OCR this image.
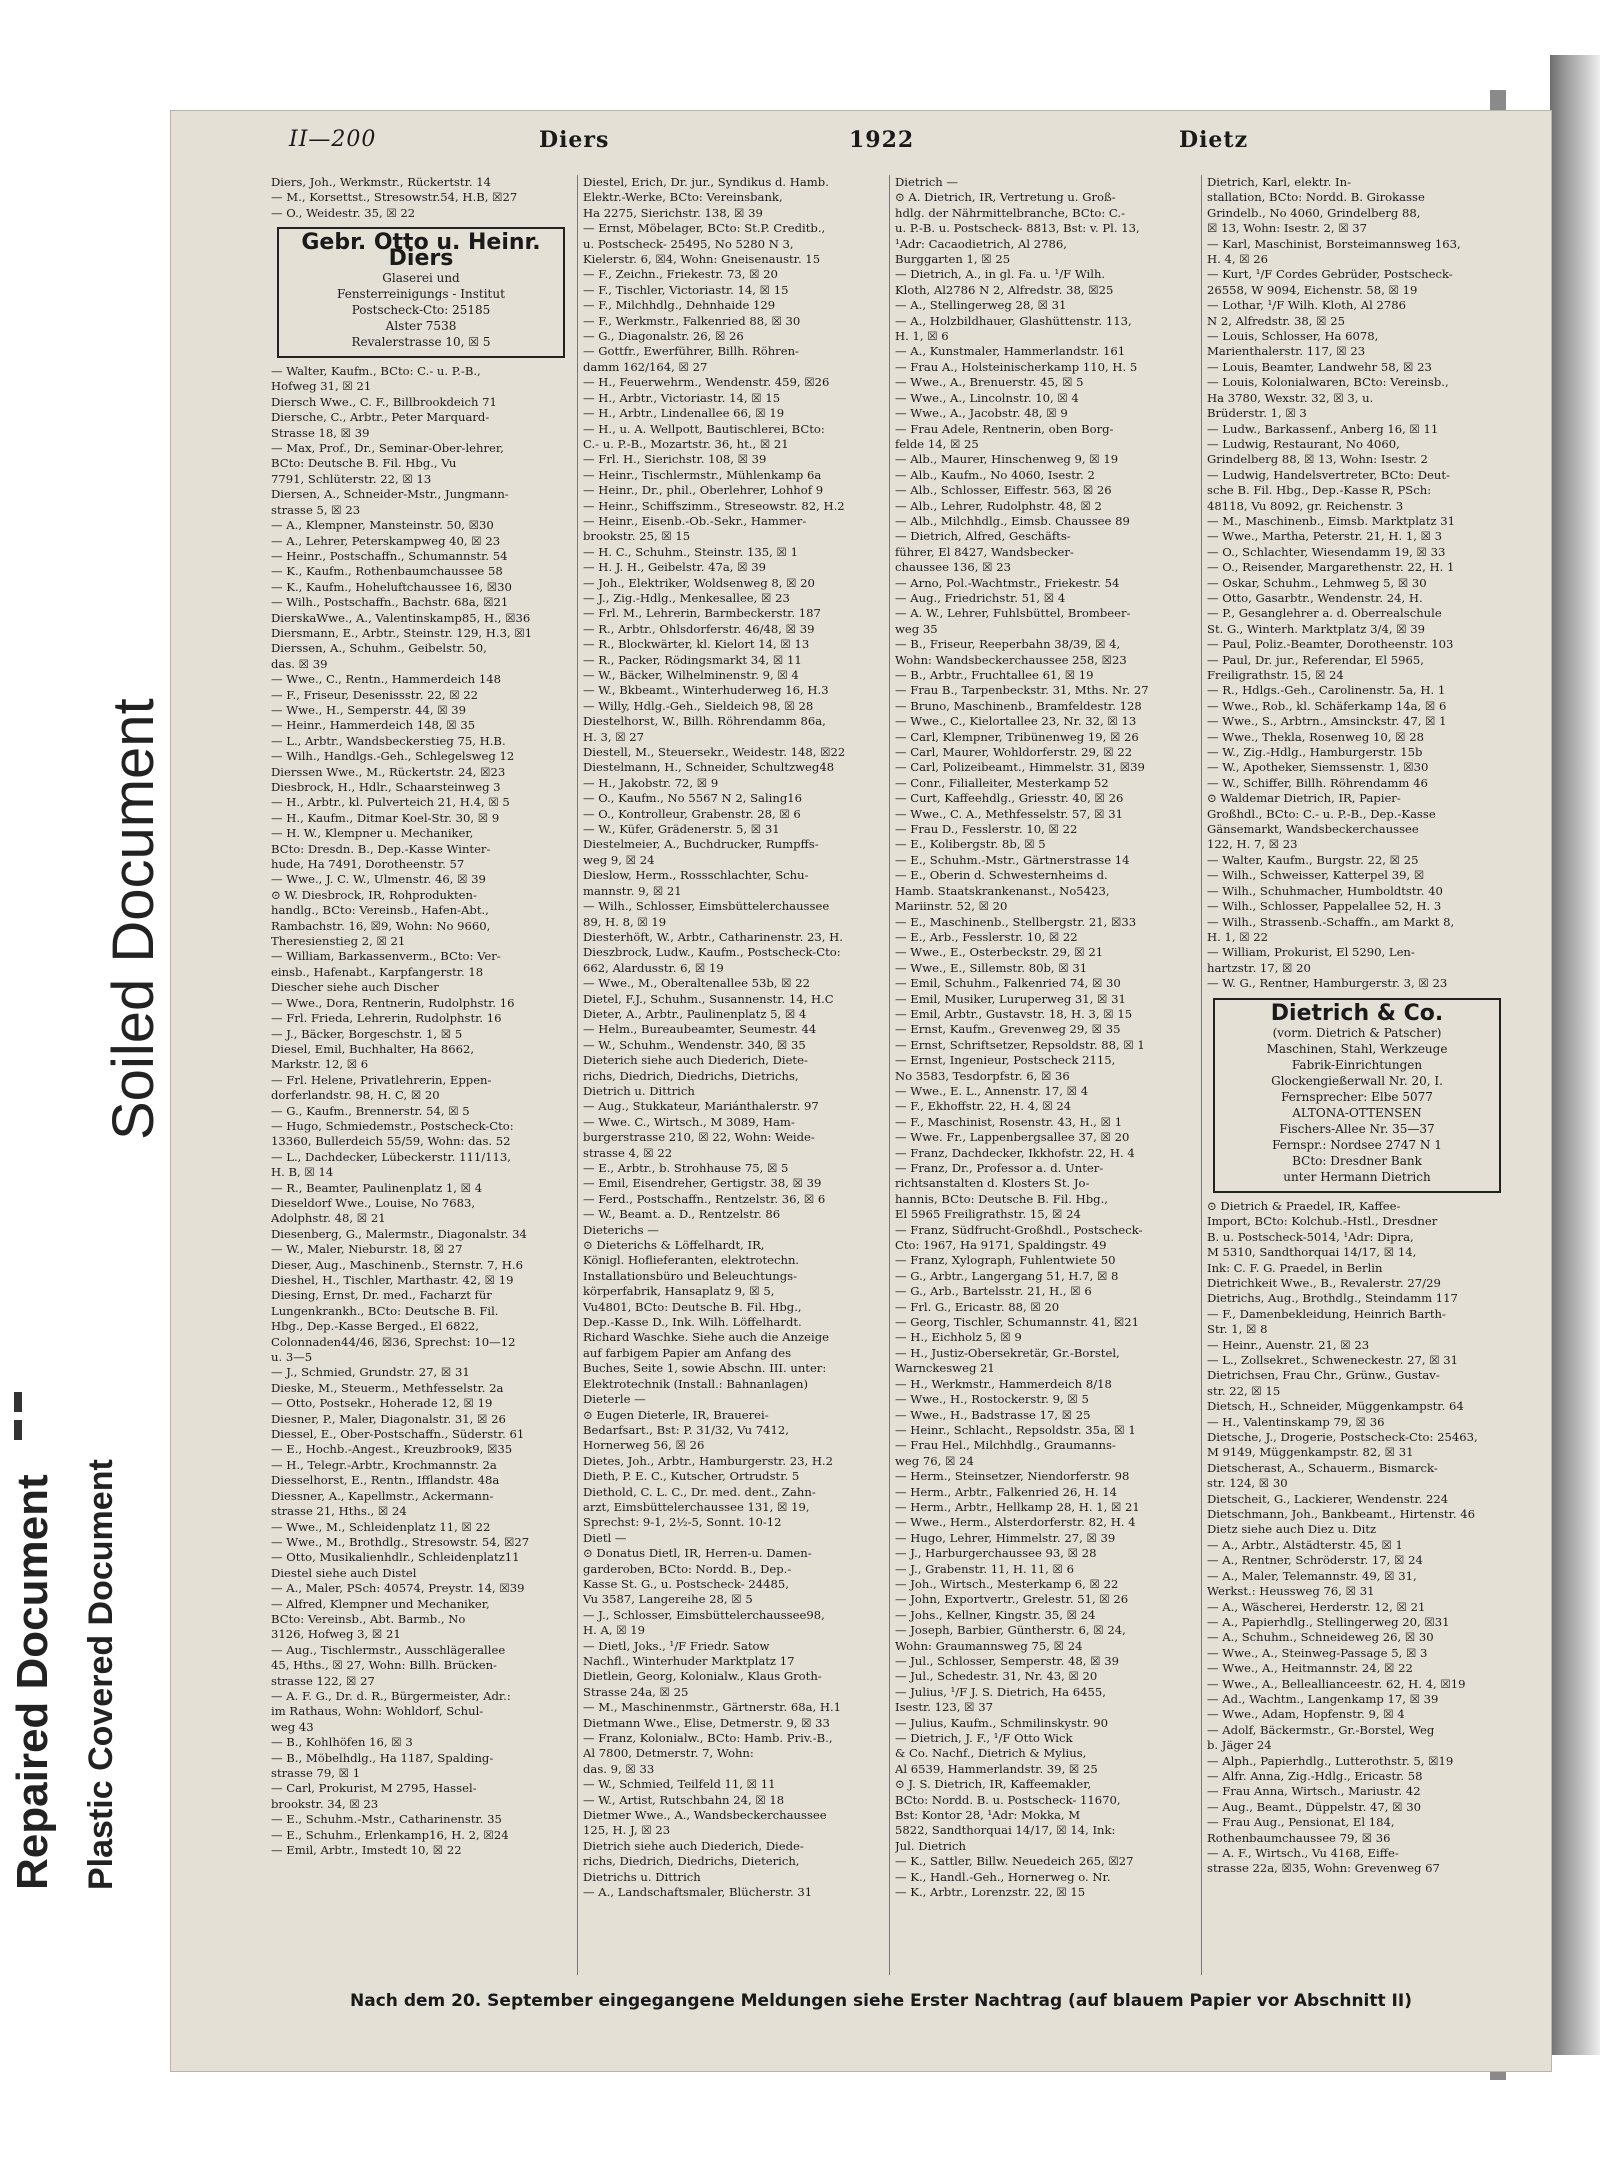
Soiled Document
Repaired Document Plastic Covered Document
II—200	Diers	1922	Dietz

Diers, Joh., Werkmstr., Rückertstr. 14

— M., Korsettst., Stresowstr.54, H.B, ☒27

— O., Weidestr. 35, ☒ 22

Gebr. Otto u. Heinr. Diers
Glaserei und
Fensterreinigungs - Institut
Postscheck-Cto: 25185
Alster 7538
Revalerstrasse 10, ☒ 5

— Walter, Kaufm., BCto: C.- u. P.-B.,

Hofweg 31, ☒ 21

Diersch Wwe., C. F., Billbrookdeich 71

Diersche, C., Arbtr., Peter Marquard-

Strasse 18, ☒ 39

— Max, Prof., Dr., Seminar-Ober-lehrer,

BCto: Deutsche B. Fil. Hbg., Vu

7791, Schlüterstr. 22, ☒ 13

Diersen, A., Schneider-Mstr., Jungmann-

strasse 5, ☒ 23

— A., Klempner, Mansteinstr. 50, ☒30

— A., Lehrer, Peterskampweg 40, ☒ 23

— Heinr., Postschaffn., Schumannstr. 54

— K., Kaufm., Rothenbaumchaussee 58

— K., Kaufm., Hoheluftchaussee 16, ☒30

— Wilh., Postschaffn., Bachstr. 68a, ☒21

DierskaWwe., A., Valentinskamp85, H., ☒36

Diersmann, E., Arbtr., Steinstr. 129, H.3, ☒1

Dierssen, A., Schuhm., Geibelstr. 50,

das. ☒ 39

— Wwe., C., Rentn., Hammerdeich 148

— F., Friseur, Desenissstr. 22, ☒ 22

— Wwe., H., Semperstr. 44, ☒ 39

— Heinr., Hammerdeich 148, ☒ 35

— L., Arbtr., Wandsbeckerstieg 75, H.B.

— Wilh., Handlgs.-Geh., Schlegelsweg 12

Dierssen Wwe., M., Rückertstr. 24, ☒23

Diesbrock, H., Hdlr., Schaarsteinweg 3

— H., Arbtr., kl. Pulverteich 21, H.4, ☒ 5

— H., Kaufm., Ditmar Koel-Str. 30, ☒ 9

— H. W., Klempner u. Mechaniker,

BCto: Dresdn. B., Dep.-Kasse Winter-

hude, Ha 7491, Dorotheenstr. 57

— Wwe., J. C. W., Ulmenstr. 46, ☒ 39

⊙ W. Diesbrock, IR, Rohprodukten-

handlg., BCto: Vereinsb., Hafen-Abt.,

Rambachstr. 16, ☒9, Wohn: No 9660,

Theresienstieg 2, ☒ 21

— William, Barkassenverm., BCto: Ver-

einsb., Hafenabt., Karpfangerstr. 18

Diescher siehe auch Discher

— Wwe., Dora, Rentnerin, Rudolphstr. 16

— Frl. Frieda, Lehrerin, Rudolphstr. 16

— J., Bäcker, Borgeschstr. 1, ☒ 5

Diesel, Emil, Buchhalter, Ha 8662,

Markstr. 12, ☒ 6

— Frl. Helene, Privatlehrerin, Eppen-

dorferlandstr. 98, H. C, ☒ 20

— G., Kaufm., Brennerstr. 54, ☒ 5

— Hugo, Schmiedemstr., Postscheck-Cto:

13360, Bullerdeich 55/59, Wohn: das. 52

— L., Dachdecker, Lübeckerstr. 111/113,

H. B, ☒ 14

— R., Beamter, Paulinenplatz 1, ☒ 4

Dieseldorf Wwe., Louise, No 7683,

Adolphstr. 48, ☒ 21

Diesenberg, G., Malermstr., Diagonalstr. 34

— W., Maler, Nieburstr. 18, ☒ 27

Dieser, Aug., Maschinenb., Sternstr. 7, H.6

Dieshel, H., Tischler, Marthastr. 42, ☒ 19

Diesing, Ernst, Dr. med., Facharzt für

Lungenkrankh., BCto: Deutsche B. Fil.

Hbg., Dep.-Kasse Berged., El 6822,

Colonnaden44/46, ☒36, Sprechst: 10—12

u. 3—5

— J., Schmied, Grundstr. 27, ☒ 31

Dieske, M., Steuerm., Methfesselstr. 2a

— Otto, Postsekr., Hoherade 12, ☒ 19

Diesner, P., Maler, Diagonalstr. 31, ☒ 26

Diessel, E., Ober-Postschaffn., Süderstr. 61

— E., Hochb.-Angest., Kreuzbrook9, ☒35

— H., Telegr.-Arbtr., Krochmannstr. 2a

Diesselhorst, E., Rentn., Ifflandstr. 48a

Diessner, A., Kapellmstr., Ackermann-

strasse 21, Hths., ☒ 24

— Wwe., M., Schleidenplatz 11, ☒ 22

— Wwe., M., Brothdlg., Stresowstr. 54, ☒27

— Otto, Musikalienhdlr., Schleidenplatz11

Diestel siehe auch Distel

— A., Maler, PSch: 40574, Preystr. 14, ☒39

— Alfred, Klempner und Mechaniker,

BCto: Vereinsb., Abt. Barmb., No

3126, Hofweg 3, ☒ 21

— Aug., Tischlermstr., Ausschlägerallee

45, Hths., ☒ 27, Wohn: Billh. Brücken-

strasse 122, ☒ 27

— A. F. G., Dr. d. R., Bürgermeister, Adr.:

im Rathaus, Wohn: Wohldorf, Schul-

weg 43

— B., Kohlhöfen 16, ☒ 3

— B., Möbelhdlg., Ha 1187, Spalding-

strasse 79, ☒ 1

— Carl, Prokurist, M 2795, Hassel-

brookstr. 34, ☒ 23

— E., Schuhm.-Mstr., Catharinenstr. 35

— E., Schuhm., Erlenkamp16, H. 2, ☒24

— Emil, Arbtr., Imstedt 10, ☒ 22

Diestel, Erich, Dr. jur., Syndikus d. Hamb.

Elektr.-Werke, BCto: Vereinsbank,

Ha 2275, Sierichstr. 138, ☒ 39

— Ernst, Möbelager, BCto: St.P. Creditb.,

u. Postscheck- 25495, No 5280 N 3,

Kielerstr. 6, ☒4, Wohn: Gneisenaustr. 15

— F., Zeichn., Friekestr. 73, ☒ 20

— F., Tischler, Victoriastr. 14, ☒ 15

— F., Milchhdlg., Dehnhaide 129

— F., Werkmstr., Falkenried 88, ☒ 30

— G., Diagonalstr. 26, ☒ 26

— Gottfr., Ewerführer, Billh. Röhren-

damm 162/164, ☒ 27

— H., Feuerwehrm., Wendenstr. 459, ☒26

— H., Arbtr., Victoriastr. 14, ☒ 15

— H., Arbtr., Lindenallee 66, ☒ 19

— H., u. A. Wellpott, Bautischlerei, BCto:

C.- u. P.-B., Mozartstr. 36, ht., ☒ 21

— Frl. H., Sierichstr. 108, ☒ 39

— Heinr., Tischlermstr., Mühlenkamp 6a

— Heinr., Dr., phil., Oberlehrer, Lohhof 9

— Heinr., Schiffszimm., Streseowstr. 82, H.2

— Heinr., Eisenb.-Ob.-Sekr., Hammer-

brookstr. 25, ☒ 15

— H. C., Schuhm., Steinstr. 135, ☒ 1

— H. J. H., Geibelstr. 47a, ☒ 39

— Joh., Elektriker, Woldsenweg 8, ☒ 20

— J., Zig.-Hdlg., Menkesallee, ☒ 23

— Frl. M., Lehrerin, Barmbeckerstr. 187

— R., Arbtr., Ohlsdorferstr. 46/48, ☒ 39

— R., Blockwärter, kl. Kielort 14, ☒ 13

— R., Packer, Rödingsmarkt 34, ☒ 11

— W., Bäcker, Wilhelminenstr. 9, ☒ 4

— W., Bkbeamt., Winterhuderweg 16, H.3

— Willy, Hdlg.-Geh., Sieldeich 98, ☒ 28

Diestelhorst, W., Billh. Röhrendamm 86a,

H. 3, ☒ 27

Diestell, M., Steuersekr., Weidestr. 148, ☒22

Diestelmann, H., Schneider, Schultzweg48

— H., Jakobstr. 72, ☒ 9

— O., Kaufm., No 5567 N 2, Saling16

— O., Kontrolleur, Grabenstr. 28, ☒ 6

— W., Küfer, Grädenerstr. 5, ☒ 31

Diestelmeier, A., Buchdrucker, Rumpffs-

weg 9, ☒ 24

Dieslow, Herm., Rossschlachter, Schu-

mannstr. 9, ☒ 21

— Wilh., Schlosser, Eimsbüttelerchaussee

89, H. 8, ☒ 19

Diesterhöft, W., Arbtr., Catharinenstr. 23, H.

Dieszbrock, Ludw., Kaufm., Postscheck-Cto:

662, Alardusstr. 6, ☒ 19

— Wwe., M., Oberaltenallee 53b, ☒ 22

Dietel, F.J., Schuhm., Susannenstr. 14, H.C

Dieter, A., Arbtr., Paulinenplatz 5, ☒ 4

— Helm., Bureaubeamter, Seumestr. 44

— W., Schuhm., Wendenstr. 340, ☒ 35

Dieterich siehe auch Diederich, Diete-

richs, Diedrich, Diedrichs, Dietrichs,

Dietrich u. Dittrich

— Aug., Stukkateur, Mariánthalerstr. 97

— Wwe. C., Wirtsch., M 3089, Ham-

burgerstrasse 210, ☒ 22, Wohn: Weide-

strasse 4, ☒ 22

— E., Arbtr., b. Strohhause 75, ☒ 5

— Emil, Eisendreher, Gertigstr. 38, ☒ 39

— Ferd., Postschaffn., Rentzelstr. 36, ☒ 6

— W., Beamt. a. D., Rentzelstr. 86

Dieterichs —

⊙ Dieterichs & Löffelhardt, IR,

Königl. Hoflieferanten, elektrotechn.

Installationsbüro und Beleuchtungs-

körperfabrik, Hansaplatz 9, ☒ 5,

Vu4801, BCto: Deutsche B. Fil. Hbg.,

Dep.-Kasse D., Ink. Wilh. Löffelhardt.

Richard Waschke. Siehe auch die Anzeige

auf farbigem Papier am Anfang des

Buches, Seite 1, sowie Abschn. III. unter:

Elektrotechnik (Install.: Bahnanlagen)

Dieterle —

⊙ Eugen Dieterle, IR, Brauerei-

Bedarfsart., Bst: P. 31/32, Vu 7412,

Hornerweg 56, ☒ 26

Dietes, Joh., Arbtr., Hamburgerstr. 23, H.2

Dieth, P. E. C., Kutscher, Ortrudstr. 5

Diethold, C. L. C., Dr. med. dent., Zahn-

arzt, Eimsbüttelerchaussee 131, ☒ 19,

Sprechst: 9-1, 2½-5, Sonnt. 10-12

Dietl —

⊙ Donatus Dietl, IR, Herren-u. Damen-

garderoben, BCto: Nordd. B., Dep.-

Kasse St. G., u. Postscheck- 24485,

Vu 3587, Langereihe 28, ☒ 5

— J., Schlosser, Eimsbüttelerchaussee98,

H. A, ☒ 19

— Dietl, Joks., ¹/F Friedr. Satow

Nachfl., Winterhuder Marktplatz 17

Dietlein, Georg, Kolonialw., Klaus Groth-

Strasse 24a, ☒ 25

— M., Maschinenmstr., Gärtnerstr. 68a, H.1

Dietmann Wwe., Elise, Detmerstr. 9, ☒ 33

— Franz, Kolonialw., BCto: Hamb. Priv.-B.,

Al 7800, Detmerstr. 7, Wohn:

das. 9, ☒ 33

— W., Schmied, Teilfeld 11, ☒ 11

— W., Artist, Rutschbahn 24, ☒ 18

Dietmer Wwe., A., Wandsbeckerchaussee

125, H. J, ☒ 23

Dietrich siehe auch Diederich, Diede-

richs, Diedrich, Diedrichs, Dieterich,

Dietrichs u. Dittrich

— A., Landschaftsmaler, Blücherstr. 31

Dietrich —

⊙ A. Dietrich, IR, Vertretung u. Groß-

hdlg. der Nährmittelbranche, BCto: C.-

u. P.-B. u. Postscheck- 8813, Bst: v. Pl. 13,

¹Adr: Cacaodietrich, Al 2786,

Burggarten 1, ☒ 25

— Dietrich, A., in gl. Fa. u. ¹/F Wilh.

Kloth, Al2786 N 2, Alfredstr. 38, ☒25

— A., Stellingerweg 28, ☒ 31

— A., Holzbildhauer, Glashüttenstr. 113,

H. 1, ☒ 6

— A., Kunstmaler, Hammerlandstr. 161

— Frau A., Holsteinischerkamp 110, H. 5

— Wwe., A., Brenuerstr. 45, ☒ 5

— Wwe., A., Lincolnstr. 10, ☒ 4

— Wwe., A., Jacobstr. 48, ☒ 9

— Frau Adele, Rentnerin, oben Borg-

felde 14, ☒ 25

— Alb., Maurer, Hinschenweg 9, ☒ 19

— Alb., Kaufm., No 4060, Isestr. 2

— Alb., Schlosser, Eiffestr. 563, ☒ 26

— Alb., Lehrer, Rudolphstr. 48, ☒ 2

— Alb., Milchhdlg., Eimsb. Chaussee 89

— Dietrich, Alfred, Geschäfts-

führer, El 8427, Wandsbecker-

chaussee 136, ☒ 23

— Arno, Pol.-Wachtmstr., Friekestr. 54

— Aug., Friedrichstr. 51, ☒ 4

— A. W., Lehrer, Fuhlsbüttel, Brombeer-

weg 35

— B., Friseur, Reeperbahn 38/39, ☒ 4,

Wohn: Wandsbeckerchaussee 258, ☒23

— B., Arbtr., Fruchtallee 61, ☒ 19

— Frau B., Tarpenbeckstr. 31, Mths. Nr. 27

— Bruno, Maschinenb., Bramfeldestr. 128

— Wwe., C., Kielortallee 23, Nr. 32, ☒ 13

— Carl, Klempner, Tribünenweg 19, ☒ 26

— Carl, Maurer, Wohldorferstr. 29, ☒ 22

— Carl, Polizeibeamt., Himmelstr. 31, ☒39

— Conr., Filialleiter, Mesterkamp 52

— Curt, Kaffeehdlg., Griesstr. 40, ☒ 26

— Wwe., C. A., Methfesselstr. 57, ☒ 31

— Frau D., Fesslerstr. 10, ☒ 22

— E., Kolibergstr. 8b, ☒ 5

— E., Schuhm.-Mstr., Gärtnerstrasse 14

— E., Oberin d. Schwesternheims d.

Hamb. Staatskrankenanst., No5423,

Mariinstr. 52, ☒ 20

— E., Maschinenb., Stellbergstr. 21, ☒33

— E., Arb., Fesslerstr. 10, ☒ 22

— Wwe., E., Osterbeckstr. 29, ☒ 21

— Wwe., E., Sillemstr. 80b, ☒ 31

— Emil, Schuhm., Falkenried 74, ☒ 30

— Emil, Musiker, Luruperweg 31, ☒ 31

— Emil, Arbtr., Gustavstr. 18, H. 3, ☒ 15

— Ernst, Kaufm., Grevenweg 29, ☒ 35

— Ernst, Schriftsetzer, Repsoldstr. 88, ☒ 1

— Ernst, Ingenieur, Postscheck 2115,

No 3583, Tesdorpfstr. 6, ☒ 36

— Wwe., E. L., Annenstr. 17, ☒ 4

— F., Ekhoffstr. 22, H. 4, ☒ 24

— F., Maschinist, Rosenstr. 43, H., ☒ 1

— Wwe. Fr., Lappenbergsallee 37, ☒ 20

— Franz, Dachdecker, Ikkhofstr. 22, H. 4

— Franz, Dr., Professor a. d. Unter-

richtsanstalten d. Klosters St. Jo-

hannis, BCto: Deutsche B. Fil. Hbg.,

El 5965 Freiligrathstr. 15, ☒ 24

— Franz, Südfrucht-Großhdl., Postscheck-

Cto: 1967, Ha 9171, Spaldingstr. 49

— Franz, Xylograph, Fuhlentwiete 50

— G., Arbtr., Langergang 51, H.7, ☒ 8

— G., Arb., Bartelsstr. 21, H., ☒ 6

— Frl. G., Ericastr. 88, ☒ 20

— Georg, Tischler, Schumannstr. 41, ☒21

— H., Eichholz 5, ☒ 9

— H., Justiz-Obersekretär, Gr.-Borstel,

Warnckesweg 21

— H., Werkmstr., Hammerdeich 8/18

— Wwe., H., Rostockerstr. 9, ☒ 5

— Wwe., H., Badstrasse 17, ☒ 25

— Heinr., Schlacht., Repsoldstr. 35a, ☒ 1

— Frau Hel., Milchhdlg., Graumanns-

weg 76, ☒ 24

— Herm., Steinsetzer, Niendorferstr. 98

— Herm., Arbtr., Falkenried 26, H. 14

— Herm., Arbtr., Hellkamp 28, H. 1, ☒ 21

— Wwe., Herm., Alsterdorferstr. 82, H. 4

— Hugo, Lehrer, Himmelstr. 27, ☒ 39

— J., Harburgerchaussee 93, ☒ 28

— J., Grabenstr. 11, H. 11, ☒ 6

— Joh., Wirtsch., Mesterkamp 6, ☒ 22

— John, Exportvertr., Grelestr. 51, ☒ 26

— Johs., Kellner, Kingstr. 35, ☒ 24

— Joseph, Barbier, Güntherstr. 6, ☒ 24,

Wohn: Graumannsweg 75, ☒ 24

— Jul., Schlosser, Semperstr. 48, ☒ 39

— Jul., Schedestr. 31, Nr. 43, ☒ 20

— Julius, ¹/F J. S. Dietrich, Ha 6455,

Isestr. 123, ☒ 37

— Julius, Kaufm., Schmilinskystr. 90

— Dietrich, J. F., ¹/F Otto Wick

& Co. Nachf., Dietrich & Mylius,

Al 6539, Hammerlandstr. 39, ☒ 25

⊙ J. S. Dietrich, IR, Kaffeemakler,

BCto: Nordd. B. u. Postscheck- 11670,

Bst: Kontor 28, ¹Adr: Mokka, M

5822, Sandthorquai 14/17, ☒ 14, Ink:

Jul. Dietrich

— K., Sattler, Billw. Neuedeich 265, ☒27

— K., Handl.-Geh., Hornerweg o. Nr.

— K., Arbtr., Lorenzstr. 22, ☒ 15

Dietrich, Karl, elektr. In-

stallation, BCto: Nordd. B. Girokasse

Grindelb., No 4060, Grindelberg 88,

☒ 13, Wohn: Isestr. 2, ☒ 37

— Karl, Maschinist, Borsteimannsweg 163,

H. 4, ☒ 26

— Kurt, ¹/F Cordes Gebrüder, Postscheck-

26558, W 9094, Eichenstr. 58, ☒ 19

— Lothar, ¹/F Wilh. Kloth, Al 2786

N 2, Alfredstr. 38, ☒ 25

— Louis, Schlosser, Ha 6078,

Marienthalerstr. 117, ☒ 23

— Louis, Beamter, Landwehr 58, ☒ 23

— Louis, Kolonialwaren, BCto: Vereinsb.,

Ha 3780, Wexstr. 32, ☒ 3, u.

Brüderstr. 1, ☒ 3

— Ludw., Barkassenf., Anberg 16, ☒ 11

— Ludwig, Restaurant, No 4060,

Grindelberg 88, ☒ 13, Wohn: Isestr. 2

— Ludwig, Handelsvertreter, BCto: Deut-

sche B. Fil. Hbg., Dep.-Kasse R, PSch:

48118, Vu 8092, gr. Reichenstr. 3

— M., Maschinenb., Eimsb. Marktplatz 31

— Wwe., Martha, Peterstr. 21, H. 1, ☒ 3

— O., Schlachter, Wiesendamm 19, ☒ 33

— O., Reisender, Margarethenstr. 22, H. 1

— Oskar, Schuhm., Lehmweg 5, ☒ 30

— Otto, Gasarbtr., Wendenstr. 24, H.

— P., Gesanglehrer a. d. Oberrealschule

St. G., Winterh. Marktplatz 3/4, ☒ 39

— Paul, Poliz.-Beamter, Dorotheenstr. 103

— Paul, Dr. jur., Referendar, El 5965,

Freiligrathstr. 15, ☒ 24

— R., Hdlgs.-Geh., Carolinenstr. 5a, H. 1

— Wwe., Rob., kl. Schäferkamp 14a, ☒ 6

— Wwe., S., Arbtrn., Amsinckstr. 47, ☒ 1

— Wwe., Thekla, Rosenweg 10, ☒ 28

— W., Zig.-Hdlg., Hamburgerstr. 15b

— W., Apotheker, Siemssenstr. 1, ☒30

— W., Schiffer, Billh. Röhrendamm 46

⊙ Waldemar Dietrich, IR, Papier-

Großhdl., BCto: C.- u. P.-B., Dep.-Kasse

Gänsemarkt, Wandsbeckerchaussee

122, H. 7, ☒ 23

— Walter, Kaufm., Burgstr. 22, ☒ 25

— Wilh., Schweisser, Katterpel 39, ☒

— Wilh., Schuhmacher, Humboldtstr. 40

— Wilh., Schlosser, Pappelallee 52, H. 3

— Wilh., Strassenb.-Schaffn., am Markt 8,

H. 1, ☒ 22

— William, Prokurist, El 5290, Len-

hartzstr. 17, ☒ 20

— W. G., Rentner, Hamburgerstr. 3, ☒ 23

Dietrich & Co.
(vorm. Dietrich & Patscher)
Maschinen, Stahl, Werkzeuge
Fabrik-Einrichtungen
Glockengießerwall Nr. 20, I.
Fernsprecher: Elbe 5077
ALTONA-OTTENSEN
Fischers-Allee Nr. 35—37
Fernspr.: Nordsee 2747 N 1
BCto: Dresdner Bank
unter Hermann Dietrich

⊙ Dietrich & Praedel, IR, Kaffee-

Import, BCto: Kolchub.-Hstl., Dresdner

B. u. Postscheck-5014, ¹Adr: Dipra,

M 5310, Sandthorquai 14/17, ☒ 14,

Ink: C. F. G. Praedel, in Berlin

Dietrichkeit Wwe., B., Revalerstr. 27/29

Dietrichs, Aug., Brothdlg., Steindamm 117

— F., Damenbekleidung, Heinrich Barth-

Str. 1, ☒ 8

— Heinr., Auenstr. 21, ☒ 23

— L., Zollsekret., Schweneckestr. 27, ☒ 31

Dietrichsen, Frau Chr., Grünw., Gustav-

str. 22, ☒ 15

Dietsch, H., Schneider, Müggenkampstr. 64

— H., Valentinskamp 79, ☒ 36

Dietsche, J., Drogerie, Postscheck-Cto: 25463,

M 9149, Müggenkampstr. 82, ☒ 31

Dietscherast, A., Schauerm., Bismarck-

str. 124, ☒ 30

Dietscheit, G., Lackierer, Wendenstr. 224

Dietschmann, Joh., Bankbeamt., Hirtenstr. 46

Dietz siehe auch Diez u. Ditz

— A., Arbtr., Alstädterstr. 45, ☒ 1

— A., Rentner, Schröderstr. 17, ☒ 24

— A., Maler, Telemannstr. 49, ☒ 31,

Werkst.: Heussweg 76, ☒ 31

— A., Wäscherei, Herderstr. 12, ☒ 21

— A., Papierhdlg., Stellingerweg 20, ☒31

— A., Schuhm., Schneideweg 26, ☒ 30

— Wwe., A., Steinweg-Passage 5, ☒ 3

— Wwe., A., Heitmannstr. 24, ☒ 22

— Wwe., A., Belleallianceestr. 62, H. 4, ☒19

— Ad., Wachtm., Langenkamp 17, ☒ 39

— Wwe., Adam, Hopfenstr. 9, ☒ 4

— Adolf, Bäckermstr., Gr.-Borstel, Weg

b. Jäger 24

— Alph., Papierhdlg., Lutterothstr. 5, ☒19

— Alfr. Anna, Zig.-Hdlg., Ericastr. 58

— Frau Anna, Wirtsch., Mariustr. 42

— Aug., Beamt., Düppelstr. 47, ☒ 30

— Frau Aug., Pensionat, El 184,

Rothenbaumchaussee 79, ☒ 36

— A. F., Wirtsch., Vu 4168, Eiffe-

strasse 22a, ☒35, Wohn: Grevenweg 67

Nach dem 20. September eingegangene Meldungen siehe Erster Nachtrag (auf blauem Papier vor Abschnitt II)
